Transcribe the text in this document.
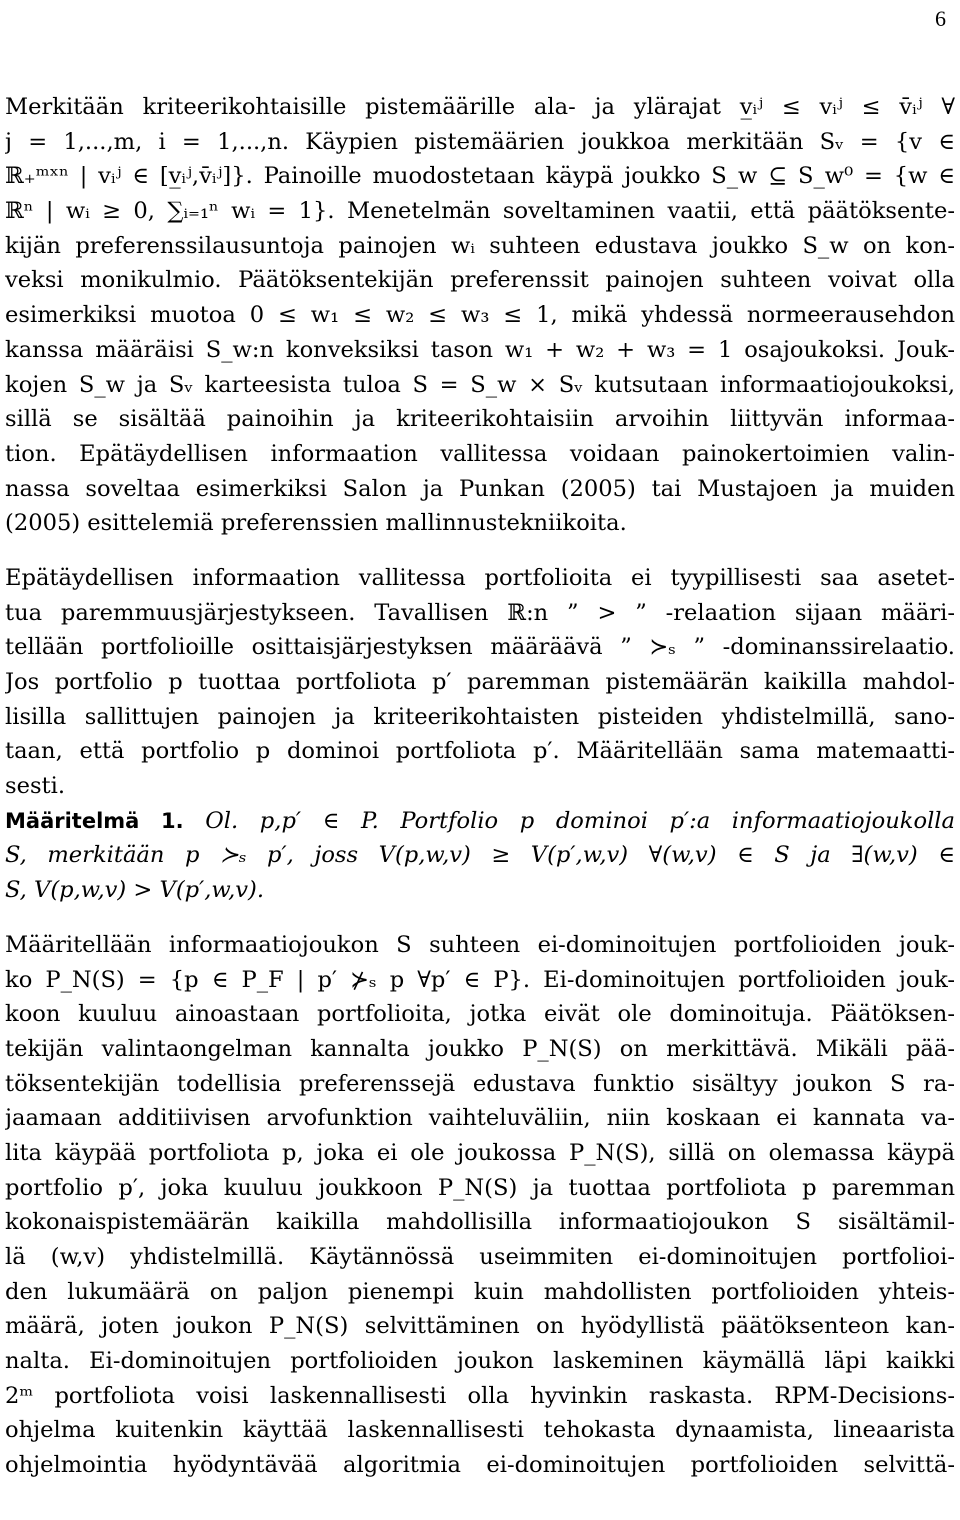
6
Merkitään kriteerikohtaisille pistemäärille ala- ja ylärajat v̲ᵢʲ ≤ vᵢʲ ≤ v̄ᵢʲ ∀
j = 1,...,m, i = 1,...,n. Käypien pistemäärien joukkoa merkitään Sᵥ = {v ∈
ℝ₊ᵐˣⁿ | vᵢʲ ∈ [v̲ᵢʲ,v̄ᵢʲ]}. Painoille muodostetaan käypä joukko S_w ⊆ S_w⁰ = {w ∈
ℝⁿ | wᵢ ≥ 0, ∑ᵢ₌₁ⁿ wᵢ = 1}. Menetelmän soveltaminen vaatii, että päätöksente-
kijän preferenssilausuntoja painojen wᵢ suhteen edustava joukko S_w on kon-
veksi monikulmio. Päätöksentekijän preferenssit painojen suhteen voivat olla
esimerkiksi muotoa 0 ≤ w₁ ≤ w₂ ≤ w₃ ≤ 1, mikä yhdessä normeerausehdon
kanssa määräisi S_w:n konveksiksi tason w₁ + w₂ + w₃ = 1 osajoukoksi. Jouk-
kojen S_w ja Sᵥ karteesista tuloa S = S_w × Sᵥ kutsutaan informaatiojoukoksi,
sillä se sisältää painoihin ja kriteerikohtaisiin arvoihin liittyvän informaa-
tion. Epätäydellisen informaation vallitessa voidaan painokertoimien valin-
nassa soveltaa esimerkiksi Salon ja Punkan (2005) tai Mustajoen ja muiden
(2005) esittelemiä preferenssien mallinnustekniikoita.
Epätäydellisen informaation vallitessa portfolioita ei tyypillisesti saa asetet-
tua paremmuusjärjestykseen. Tavallisen ℝ:n ” > ” -relaation sijaan määri-
tellään portfolioille osittaisjärjestyksen määräävä ” ≻ₛ ” -dominanssirelaatio.
Jos portfolio p tuottaa portfoliota p′ paremman pistemäärän kaikilla mahdol-
lisilla sallittujen painojen ja kriteerikohtaisten pisteiden yhdistelmillä, sano-
taan, että portfolio p dominoi portfoliota p′. Määritellään sama matemaatti-
sesti.
Määritelmä 1. Ol. p,p′ ∈ P. Portfolio p dominoi p′:a informaatiojoukolla
S, merkitään p ≻ₛ p′, joss V(p,w,v) ≥ V(p′,w,v) ∀(w,v) ∈ S ja ∃(w,v) ∈
S, V(p,w,v) > V(p′,w,v).
Määritellään informaatiojoukon S suhteen ei-dominoitujen portfolioiden jouk-
ko P_N(S) = {p ∈ P_F | p′ ⊁ₛ p ∀p′ ∈ P}. Ei-dominoitujen portfolioiden jouk-
koon kuuluu ainoastaan portfolioita, jotka eivät ole dominoituja. Päätöksen-
tekijän valintaongelman kannalta joukko P_N(S) on merkittävä. Mikäli pää-
töksentekijän todellisia preferenssejä edustava funktio sisältyy joukon S ra-
jaamaan additiivisen arvofunktion vaihteluväliin, niin koskaan ei kannata va-
lita käypää portfoliota p, joka ei ole joukossa P_N(S), sillä on olemassa käypä
portfolio p′, joka kuuluu joukkoon P_N(S) ja tuottaa portfoliota p paremman
kokonaispistemäärän kaikilla mahdollisilla informaatiojoukon S sisältämil-
lä (w,v) yhdistelmillä. Käytännössä useimmiten ei-dominoitujen portfolioi-
den lukumäärä on paljon pienempi kuin mahdollisten portfolioiden yhteis-
määrä, joten joukon P_N(S) selvittäminen on hyödyllistä päätöksenteon kan-
nalta. Ei-dominoitujen portfolioiden joukon laskeminen käymällä läpi kaikki
2ᵐ portfoliota voisi laskennallisesti olla hyvinkin raskasta. RPM-Decisions-
ohjelma kuitenkin käyttää laskennallisesti tehokasta dynaamista, lineaarista
ohjelmointia hyödyntävää algoritmia ei-dominoitujen portfolioiden selvittä-
